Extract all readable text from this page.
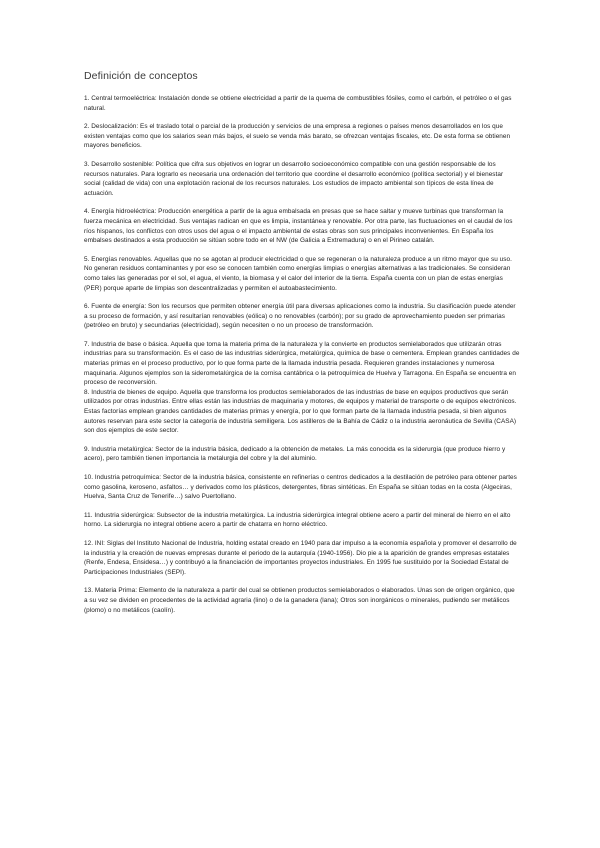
Definición de conceptos

1. Central termoeléctrica: Instalación donde se obtiene electricidad a partir de la quema de combustibles fósiles, como el carbón, el petróleo o el gas natural.

2. Deslocalización: Es el traslado total o parcial de la producción y servicios de una empresa a regiones o países menos desarrollados en los que existen ventajas como que los salarios sean más bajos, el suelo se venda más barato, se ofrezcan ventajas fiscales, etc. De esta forma se obtienen mayores beneficios.

3. Desarrollo sostenible: Política que cifra sus objetivos en lograr un desarrollo socioeconómico compatible con una gestión responsable de los recursos naturales. Para lograrlo es necesaria una ordenación del territorio que coordine el desarrollo económico (política sectorial) y el bienestar social (calidad de vida) con una explotación racional de los recursos naturales. Los estudios de impacto ambiental son típicos de esta línea de actuación.

4. Energía hidroeléctrica: Producción energética a partir de la agua embalsada en presas que se hace saltar y mueve turbinas que transforman la fuerza mecánica en electricidad. Sus ventajas radican en que es limpia, instantánea y renovable. Por otra parte, las fluctuaciones en el caudal de los ríos hispanos, los conflictos con otros usos del agua o el impacto ambiental de estas obras son sus principales inconvenientes. En España los embalses destinados a esta producción se sitúan sobre todo en el NW (de Galicia a Extremadura) o en el Pirineo catalán.

5. Energías renovables. Aquellas que no se agotan al producir electricidad o que se regeneran o la naturaleza produce a un ritmo mayor que su uso. No generan residuos contaminantes y por eso se conocen también como energías limpias o energías alternativas a las tradicionales. Se consideran como tales las generadas por el sol, el agua, el viento, la biomasa y el calor del interior de la tierra. España cuenta con un plan de estas energías (PER) porque aparte de limpias son descentralizadas y permiten el autoabastecimiento.

6. Fuente de energía: Son los recursos que permiten obtener energía útil para diversas aplicaciones como la industria. Su clasificación puede atender a su proceso de formación, y así resultarían renovables (eólica) o no renovables (carbón); por su grado de aprovechamiento pueden ser primarias (petróleo en bruto) y secundarias (electricidad), según necesiten o no un proceso de transformación.

7. Industria de base o básica. Aquella que toma la materia prima de la naturaleza y la convierte en productos semielaborados que utilizarán otras industrias para su transformación. Es el caso de las industrias siderúrgica, metalúrgica, química de base o cementera. Emplean grandes cantidades de materias primas en el proceso productivo, por lo que forma parte de la llamada industria pesada. Requieren grandes instalaciones y numerosa maquinaria. Algunos ejemplos son la siderometalúrgica de la cornisa cantábrica o la petroquímica de Huelva y Tarragona. En España se encuentra en proceso de reconversión.

8. Industria de bienes de equipo. Aquella que transforma los productos semielaborados de las industrias de base en equipos productivos que serán utilizados por otras industrias. Entre ellas están las industrias de maquinaria y motores, de equipos y material de transporte o de equipos electrónicos. Estas factorías emplean grandes cantidades de materias primas y energía, por lo que forman parte de la llamada industria pesada, si bien algunos autores reservan para este sector la categoría de industria semiligera. Los astilleros de la Bahía de Cádiz o la industria aeronáutica de Sevilla (CASA) son dos ejemplos de este sector.

9. Industria metalúrgica: Sector de la industria básica, dedicado a la obtención de metales. La más conocida es la siderurgia (que produce hierro y acero), pero también tienen importancia la metalurgia del cobre y la del aluminio.

10. Industria petroquímica: Sector de la industria básica, consistente en refinerías o centros dedicados a la destilación de petróleo para obtener partes como gasolina, keroseno, asfaltos… y derivados como los plásticos, detergentes, fibras sintéticas. En España se sitúan todas en la costa (Algeciras, Huelva, Santa Cruz de Tenerife…) salvo Puertollano.

11. Industria siderúrgica: Subsector de la industria metalúrgica. La industria siderúrgica integral obtiene acero a partir del mineral de hierro en el alto horno. La siderurgia no integral obtiene acero a partir de chatarra en horno eléctrico.

12. INI: Siglas del Instituto Nacional de Industria, holding estatal creado en 1940 para dar impulso a la economía española y promover el desarrollo de la industria y la creación de nuevas empresas durante el periodo de la autarquía (1940-1956). Dio pie a la aparición de grandes empresas estatales (Renfe, Endesa, Ensidesa…) y contribuyó a la financiación de importantes proyectos industriales. En 1995 fue sustituido por la Sociedad Estatal de Participaciones Industriales (SEPI).

13. Materia Prima: Elemento de la naturaleza a partir del cual se obtienen productos semielaborados o elaborados. Unas son de origen orgánico, que a su vez se dividen en procedentes de la actividad agraria (lino) o de la ganadera (lana); Otros son inorgánicos o minerales, pudiendo ser metálicos (plomo) o no metálicos (caolín).
